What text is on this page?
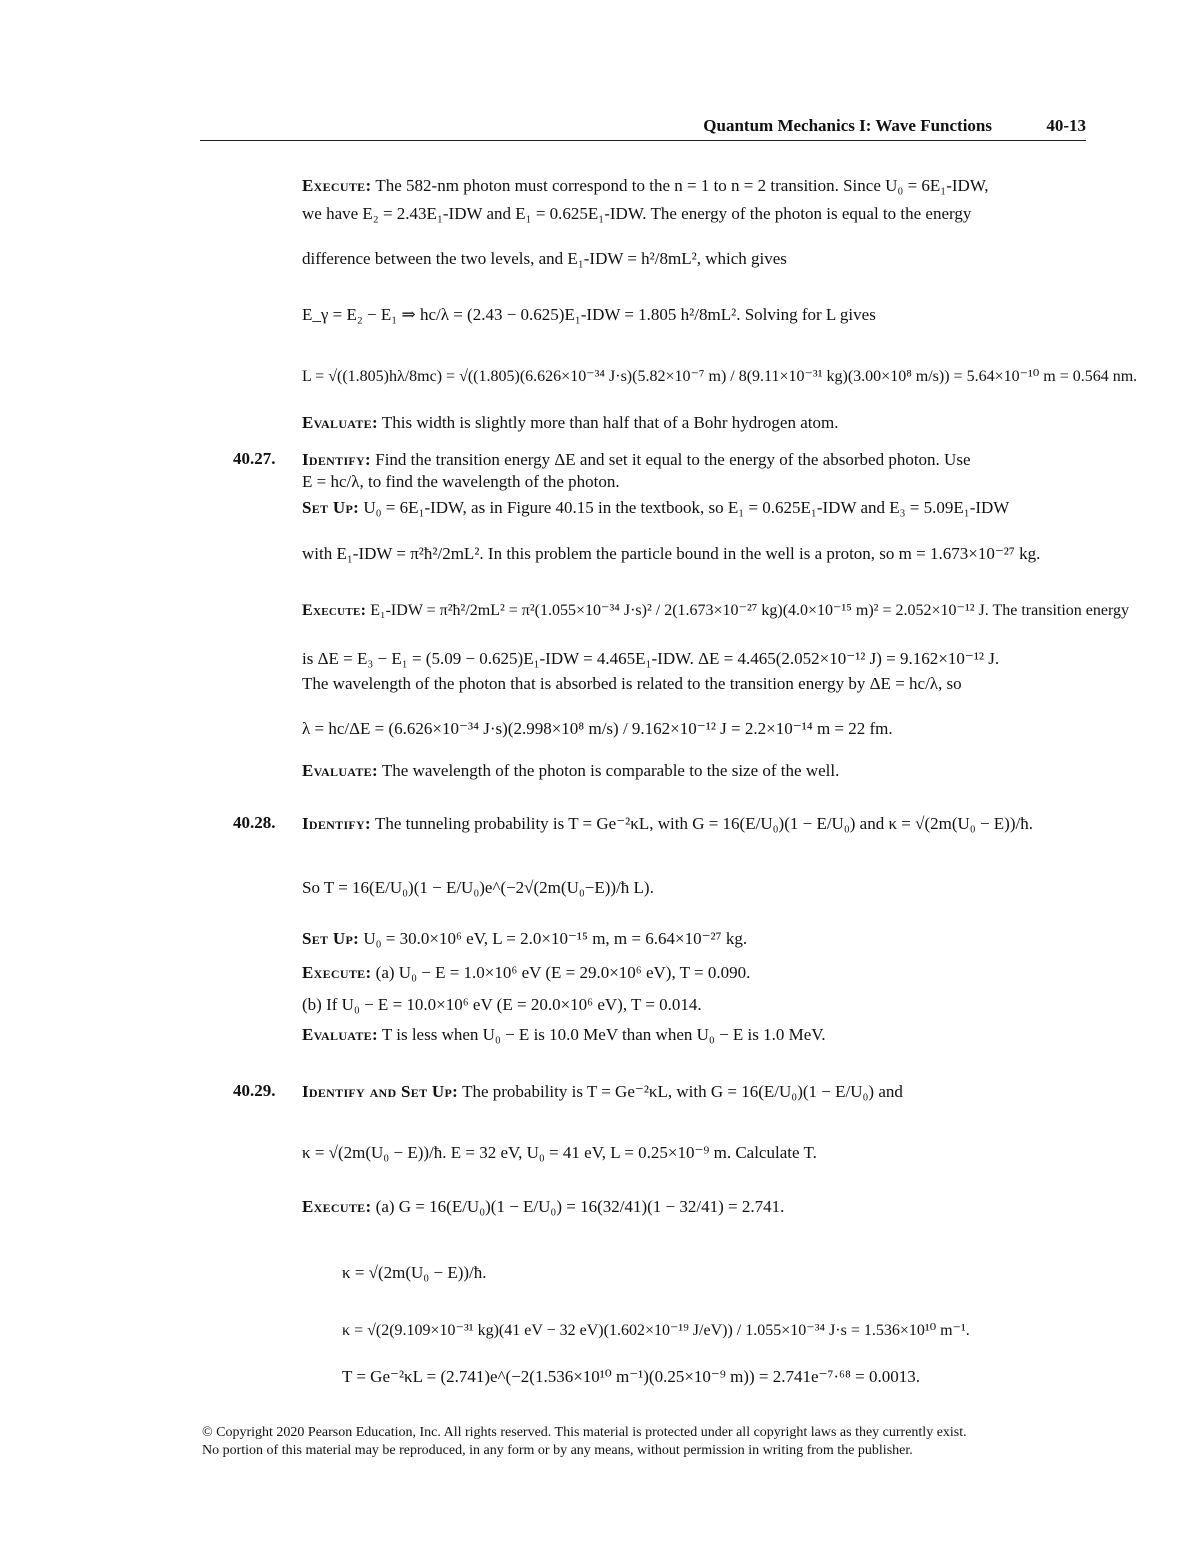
Quantum Mechanics I: Wave Functions	40-13
Execute: The 582-nm photon must correspond to the n = 1 to n = 2 transition. Since U₀ = 6E₁-IDW,
we have E₂ = 2.43E₁-IDW and E₁ = 0.625E₁-IDW. The energy of the photon is equal to the energy
difference between the two levels, and E₁-IDW = h²/8mL², which gives
E_γ = E₂ − E₁ ⇒ hc/λ = (2.43 − 0.625)E₁-IDW = 1.805 h²/8mL². Solving for L gives
L = √((1.805)hλ/8mc) = √((1.805)(6.626×10⁻³⁴ J·s)(5.82×10⁻⁷ m) / 8(9.11×10⁻³¹ kg)(3.00×10⁸ m/s)) = 5.64×10⁻¹⁰ m = 0.564 nm.
Evaluate: This width is slightly more than half that of a Bohr hydrogen atom.
40.27. Identify: Find the transition energy ΔE and set it equal to the energy of the absorbed photon. Use
E = hc/λ, to find the wavelength of the photon.
Set Up: U₀ = 6E₁-IDW, as in Figure 40.15 in the textbook, so E₁ = 0.625E₁-IDW and E₃ = 5.09E₁-IDW
with E₁-IDW = π²ħ²/2mL². In this problem the particle bound in the well is a proton, so m = 1.673×10⁻²⁷ kg.
Execute: E₁-IDW = π²ħ²/2mL² = π²(1.055×10⁻³⁴ J·s)² / 2(1.673×10⁻²⁷ kg)(4.0×10⁻¹⁵ m)² = 2.052×10⁻¹² J. The transition energy
is ΔE = E₃ − E₁ = (5.09 − 0.625)E₁-IDW = 4.465E₁-IDW. ΔE = 4.465(2.052×10⁻¹² J) = 9.162×10⁻¹² J.
The wavelength of the photon that is absorbed is related to the transition energy by ΔE = hc/λ, so
λ = hc/ΔE = (6.626×10⁻³⁴ J·s)(2.998×10⁸ m/s) / 9.162×10⁻¹² J = 2.2×10⁻¹⁴ m = 22 fm.
Evaluate: The wavelength of the photon is comparable to the size of the well.
40.28. Identify: The tunneling probability is T = Ge⁻²κL, with G = 16(E/U₀)(1 − E/U₀) and κ = √(2m(U₀ − E))/ħ.
So T = 16(E/U₀)(1 − E/U₀)e^(−2√(2m(U₀−E))/ħ L).
Set Up: U₀ = 30.0×10⁶ eV, L = 2.0×10⁻¹⁵ m, m = 6.64×10⁻²⁷ kg.
Execute: (a) U₀ − E = 1.0×10⁶ eV (E = 29.0×10⁶ eV), T = 0.090.
(b) If U₀ − E = 10.0×10⁶ eV (E = 20.0×10⁶ eV), T = 0.014.
Evaluate: T is less when U₀ − E is 10.0 MeV than when U₀ − E is 1.0 MeV.
40.29. Identify and Set Up: The probability is T = Ge⁻²κL, with G = 16(E/U₀)(1 − E/U₀) and
κ = √(2m(U₀ − E))/ħ. E = 32 eV, U₀ = 41 eV, L = 0.25×10⁻⁹ m. Calculate T.
Execute: (a) G = 16(E/U₀)(1 − E/U₀) = 16(32/41)(1 − 32/41) = 2.741.
κ = √(2m(U₀ − E))/ħ.
κ = √(2(9.109×10⁻³¹ kg)(41 eV − 32 eV)(1.602×10⁻¹⁹ J/eV)) / 1.055×10⁻³⁴ J·s = 1.536×10¹⁰ m⁻¹.
T = Ge⁻²κL = (2.741)e^(−2(1.536×10¹⁰ m⁻¹)(0.25×10⁻⁹ m)) = 2.741e⁻⁷·⁶⁸ = 0.0013.
© Copyright 2020 Pearson Education, Inc. All rights reserved. This material is protected under all copyright laws as they currently exist.
No portion of this material may be reproduced, in any form or by any means, without permission in writing from the publisher.
